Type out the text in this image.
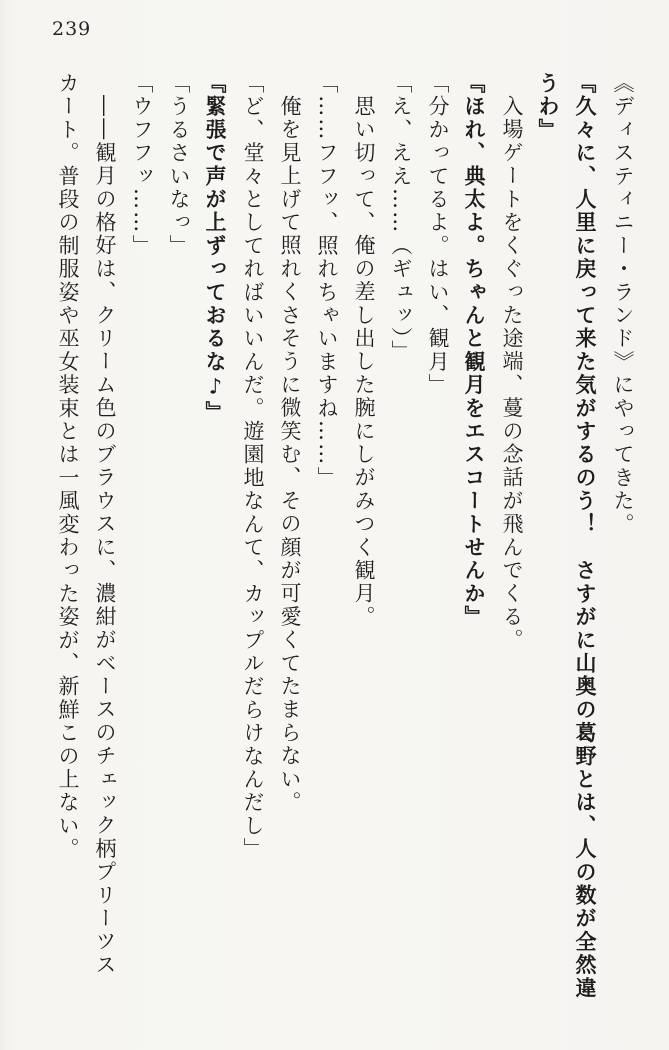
239

《ディスティニー・ランド》にやってきた。

『久々に、人里に戻って来た気がするのう！　さすがに山奥の葛野とは、人の数が全然違

うわ』

入場ゲートをくぐった途端、蔓の念話が飛んでくる。

『ほれ、典太よ。ちゃんと観月をエスコートせんか』

「分かってるよ。はい、観月」

「え、ええ……（ギュッ）」

思い切って、俺の差し出した腕にしがみつく観月。

「……フフッ、照れちゃいますね……」

俺を見上げて照れくさそうに微笑む、その顔が可愛くてたまらない。

「ど、堂々としてればいいんだ。遊園地なんて、カップルだらけなんだし」

『緊張で声が上ずっておるな♪』

「うるさいなっ」

「ウフフッ……」

――観月の格好は、クリーム色のブラウスに、濃紺がベースのチェック柄プリーツス

カート。普段の制服姿や巫女装束とは一風変わった姿が、新鮮この上ない。
